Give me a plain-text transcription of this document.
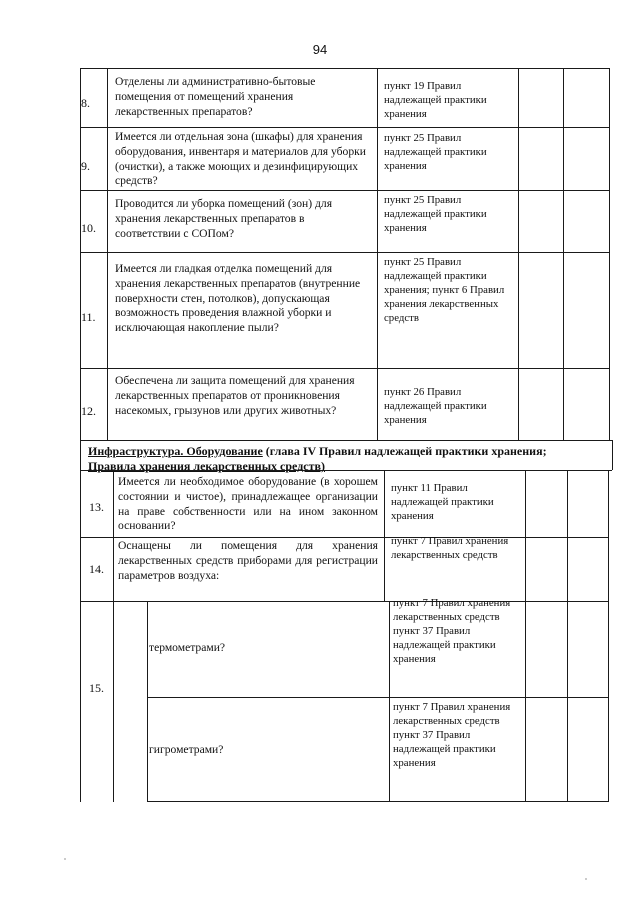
94
8.
Отделены ли административно-бытовые помещения от помещений хранения лекарственных препаратов?
пункт 19 Правил надлежащей практики хранения
9.
Имеется ли отдельная зона (шкафы) для хранения оборудования, инвентаря и материалов для уборки (очистки), а также моющих и дезинфицирующих средств?
пункт 25 Правил надлежащей практики хранения
10.
Проводится ли уборка помещений (зон) для хранения лекарственных препаратов в соответствии с СОПом?
пункт 25 Правил надлежащей практики хранения
11.
Имеется ли гладкая отделка помещений для хранения лекарственных препаратов (внутренние поверхности стен, потолков), допускающая возможность проведения влажной уборки и исключающая накопление пыли?
пункт 25 Правил надлежащей практики хранения; пункт 6 Правил хранения лекарственных средств
12.
Обеспечена ли защита помещений для хранения лекарственных препаратов от проникновения насекомых, грызунов или других животных?
пункт 26 Правил надлежащей практики хранения
Инфраструктура. Оборудование (глава IV Правил надлежащей практики хранения;
Правила хранения лекарственных средств)
13.
Имеется ли необходимое оборудование (в хорошем состоянии и чистое), принадлежащее организации на праве собственности или на ином законном основании?
пункт 11 Правил надлежащей практики хранения
14.
Оснащены ли помещения для хранения лекарственных средств приборами для регистрации параметров воздуха:
пункт 7 Правил хранения лекарственных средств
15.
термометрами?
пункт 7 Правил хранения лекарственных средств пункт 37 Правил надлежащей практики хранения
гигрометрами?
пункт 7 Правил хранения лекарственных средств пункт 37 Правил надлежащей практики хранения
